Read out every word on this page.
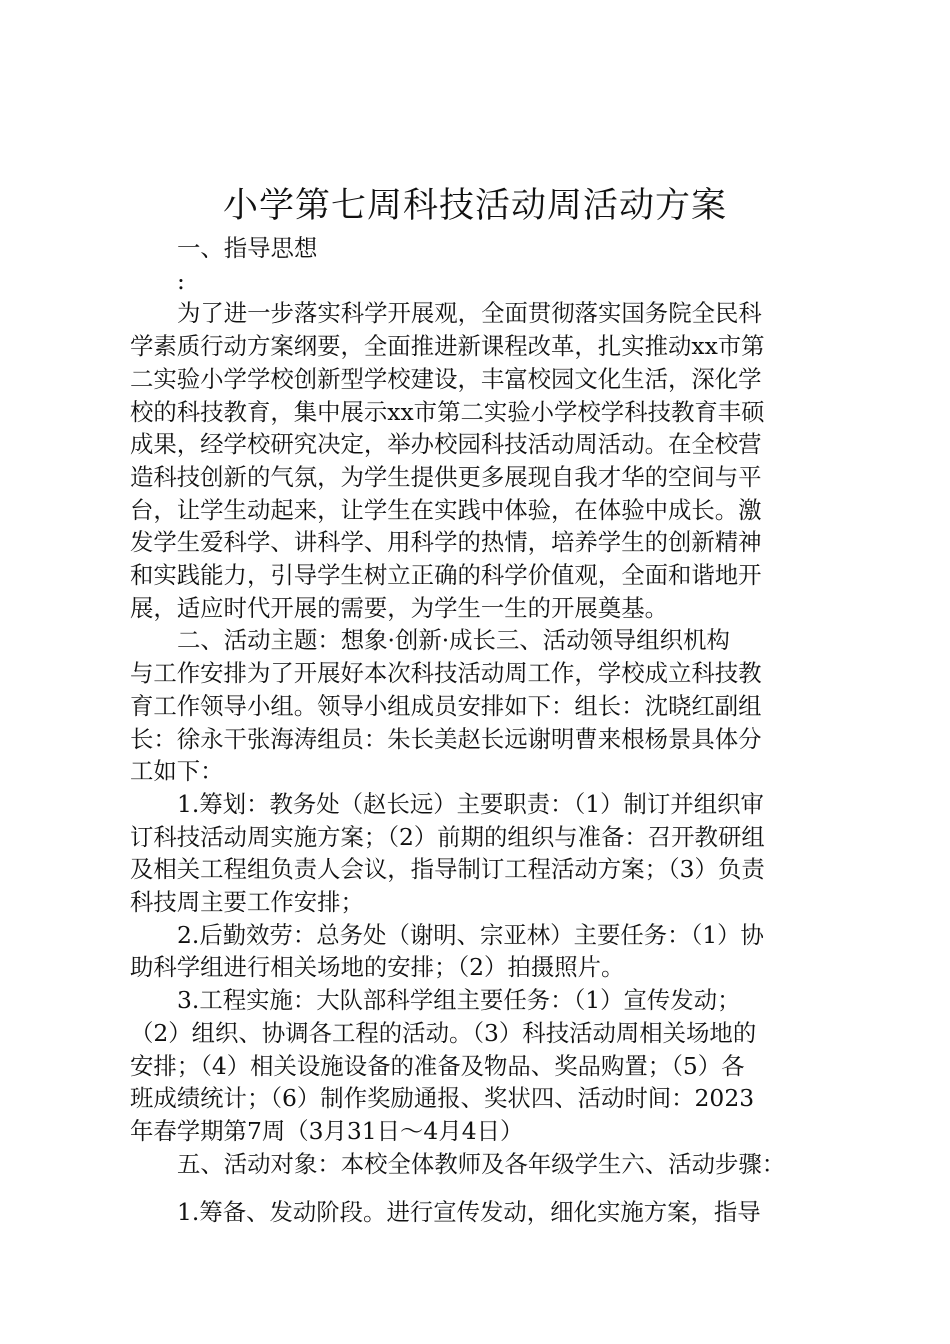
小学第七周科技活动周活动方案

一、指导思想

:

为了进一步落实科学开展观，全面贯彻落实国务院全民科

学素质行动方案纲要，全面推进新课程改革，扎实推动xx市第

二实验小学学校创新型学校建设，丰富校园文化生活，深化学

校的科技教育，集中展示xx市第二实验小学校学科技教育丰硕

成果，经学校研究决定，举办校园科技活动周活动。在全校营

造科技创新的气氛，为学生提供更多展现自我才华的空间与平

台，让学生动起来，让学生在实践中体验，在体验中成长。激

发学生爱科学、讲科学、用科学的热情，培养学生的创新精神

和实践能力，引导学生树立正确的科学价值观，全面和谐地开

展，适应时代开展的需要，为学生一生的开展奠基。

二、活动主题：想象·创新·成长三、活动领导组织机构

与工作安排为了开展好本次科技活动周工作，学校成立科技教

育工作领导小组。领导小组成员安排如下：组长：沈晓红副组

长：徐永干张海涛组员：朱长美赵长远谢明曹来根杨景具体分

工如下：

1.筹划：教务处（赵长远）主要职责：（1）制订并组织审

订科技活动周实施方案；（2）前期的组织与准备：召开教研组

及相关工程组负责人会议，指导制订工程活动方案；（3）负责

科技周主要工作安排；

2.后勤效劳：总务处（谢明、宗亚林）主要任务：（1）协

助科学组进行相关场地的安排；（2）拍摄照片。

3.工程实施：大队部科学组主要任务：（1）宣传发动；

（2）组织、协调各工程的活动。（3）科技活动周相关场地的

安排；（4）相关设施设备的准备及物品、奖品购置；（5）各

班成绩统计；（6）制作奖励通报、奖状四、活动时间：2023

年春学期第7周（3月31日～4月4日）

五、活动对象：本校全体教师及各年级学生六、活动步骤：

1.筹备、发动阶段。进行宣传发动，细化实施方案，指导
